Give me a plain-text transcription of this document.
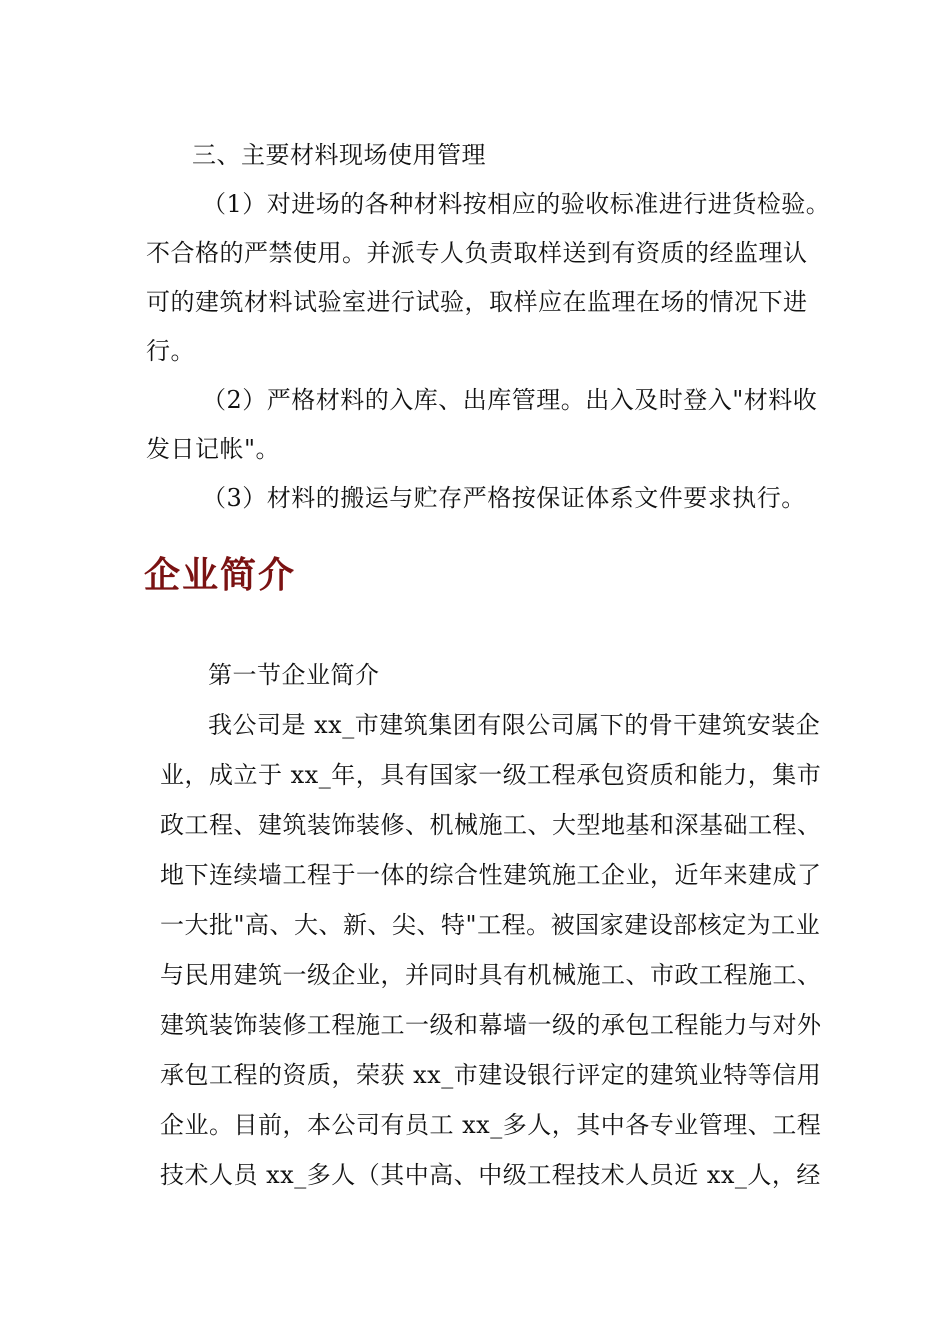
三、主要材料现场使用管理
（1）对进场的各种材料按相应的验收标准进行进货检验。
不合格的严禁使用。并派专人负责取样送到有资质的经监理认
可的建筑材料试验室进行试验，取样应在监理在场的情况下进
行。
（2）严格材料的入库、出库管理。出入及时登入"材料收
发日记帐"。
（3）材料的搬运与贮存严格按保证体系文件要求执行。
企业简介
第一节企业简介
我公司是 xx_市建筑集团有限公司属下的骨干建筑安装企
业，成立于 xx_年，具有国家一级工程承包资质和能力，集市
政工程、建筑装饰装修、机械施工、大型地基和深基础工程、
地下连续墙工程于一体的综合性建筑施工企业，近年来建成了
一大批"高、大、新、尖、特"工程。被国家建设部核定为工业
与民用建筑一级企业，并同时具有机械施工、市政工程施工、
建筑装饰装修工程施工一级和幕墙一级的承包工程能力与对外
承包工程的资质，荣获 xx_市建设银行评定的建筑业特等信用
企业。目前，本公司有员工 xx_多人，其中各专业管理、工程
技术人员 xx_多人（其中高、中级工程技术人员近 xx_人，经
